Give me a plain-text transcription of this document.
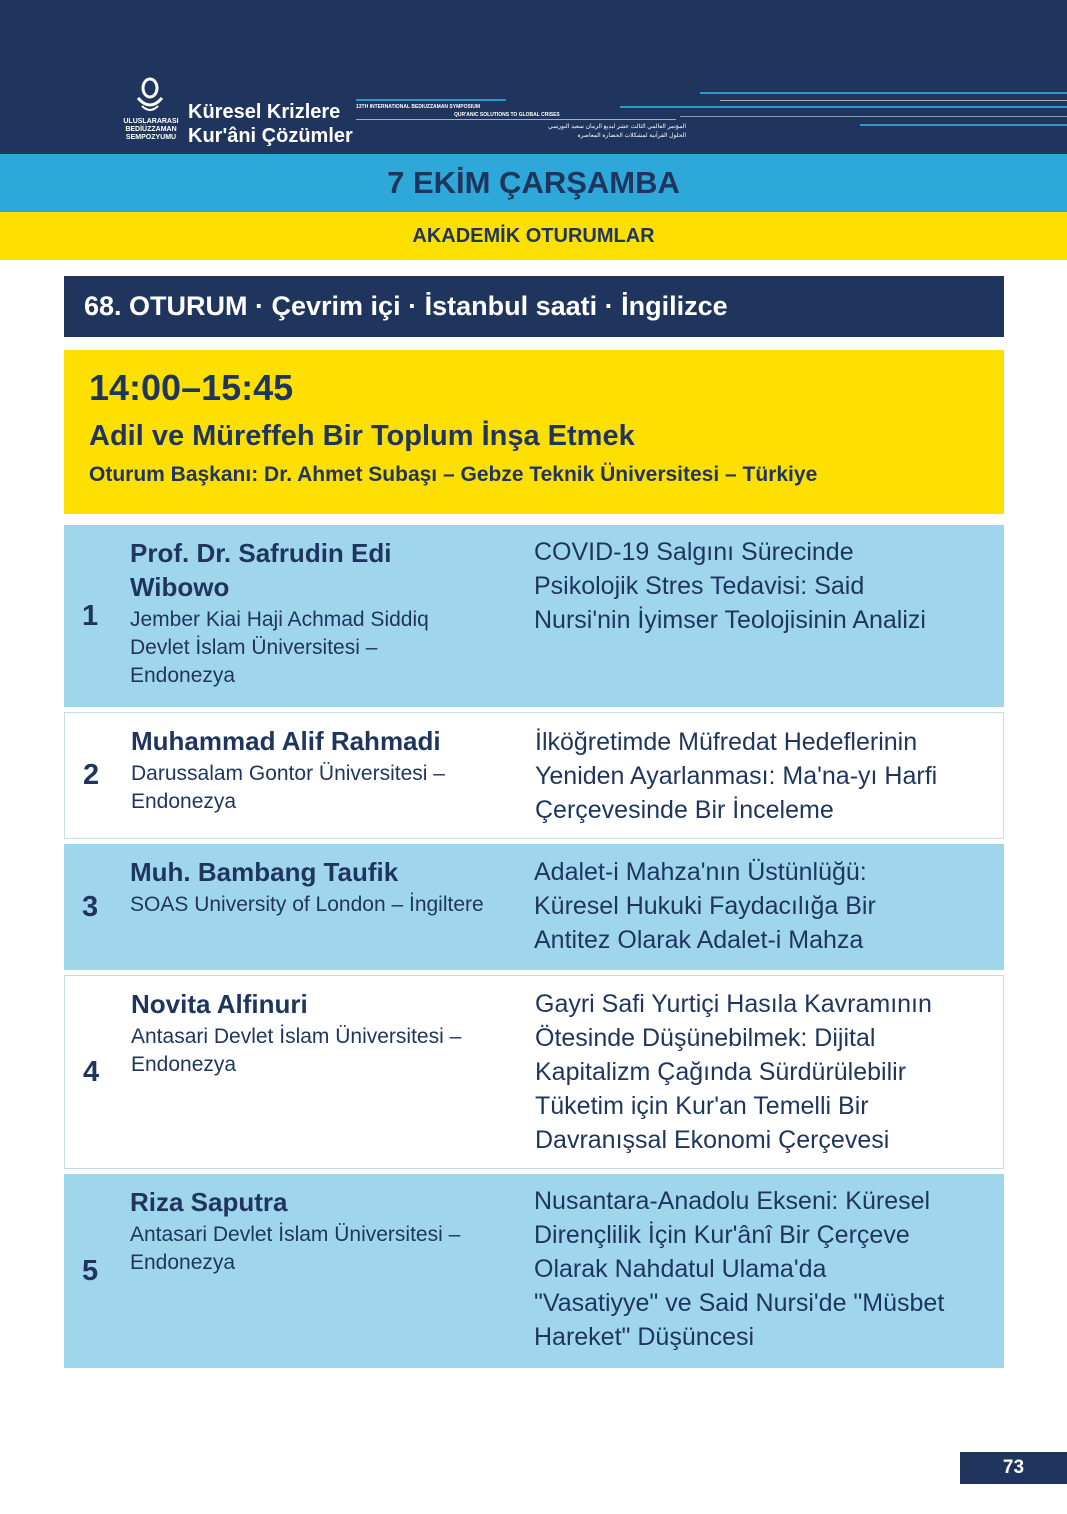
ULUSLARARASI
BEDİÜZZAMAN
SEMPOZYUMU
Küresel Krizlere
Kur'âni Çözümler
13TH INTERNATIONAL BEDIUZZAMAN SYMPOSIUM
QUR'ANIC SOLUTIONS TO GLOBAL CRISES
المؤتمر العالمي الثالث عشر لبديع الزمان سعيد النورسي
الحلول القرآنية لمشكلات الحضارة المعاصرة
7 EKİM ÇARŞAMBA
AKADEMİK OTURUMLAR
68. OTURUM · Çevrim içi · İstanbul saati · İngilizce
14:00–15:45
Adil ve Müreffeh Bir Toplum İnşa Etmek
Oturum Başkanı: Dr. Ahmet Subaşı – Gebze Teknik Üniversitesi – Türkiye
1
Prof. Dr. Safrudin Edi
Wibowo
Jember Kiai Haji Achmad Siddiq
Devlet İslam Üniversitesi –
Endonezya
COVID-19 Salgını Sürecinde
Psikolojik Stres Tedavisi: Said
Nursi'nin İyimser Teolojisinin Analizi
2
Muhammad Alif Rahmadi
Darussalam Gontor Üniversitesi –
Endonezya
İlköğretimde Müfredat Hedeflerinin
Yeniden Ayarlanması: Ma'na-yı Harfi
Çerçevesinde Bir İnceleme
3
Muh. Bambang Taufik
SOAS University of London – İngiltere
Adalet-i Mahza'nın Üstünlüğü:
Küresel Hukuki Faydacılığa Bir
Antitez Olarak Adalet-i Mahza
4
Novita Alfinuri
Antasari Devlet İslam Üniversitesi –
Endonezya
Gayri Safi Yurtiçi Hasıla Kavramının
Ötesinde Düşünebilmek: Dijital
Kapitalizm Çağında Sürdürülebilir
Tüketim için Kur'an Temelli Bir
Davranışsal Ekonomi Çerçevesi
5
Riza Saputra
Antasari Devlet İslam Üniversitesi –
Endonezya
Nusantara-Anadolu Ekseni: Küresel
Dirençlilik İçin Kur'ânî Bir Çerçeve
Olarak Nahdatul Ulama'da
"Vasatiyye" ve Said Nursi'de "Müsbet
Hareket" Düşüncesi
73
